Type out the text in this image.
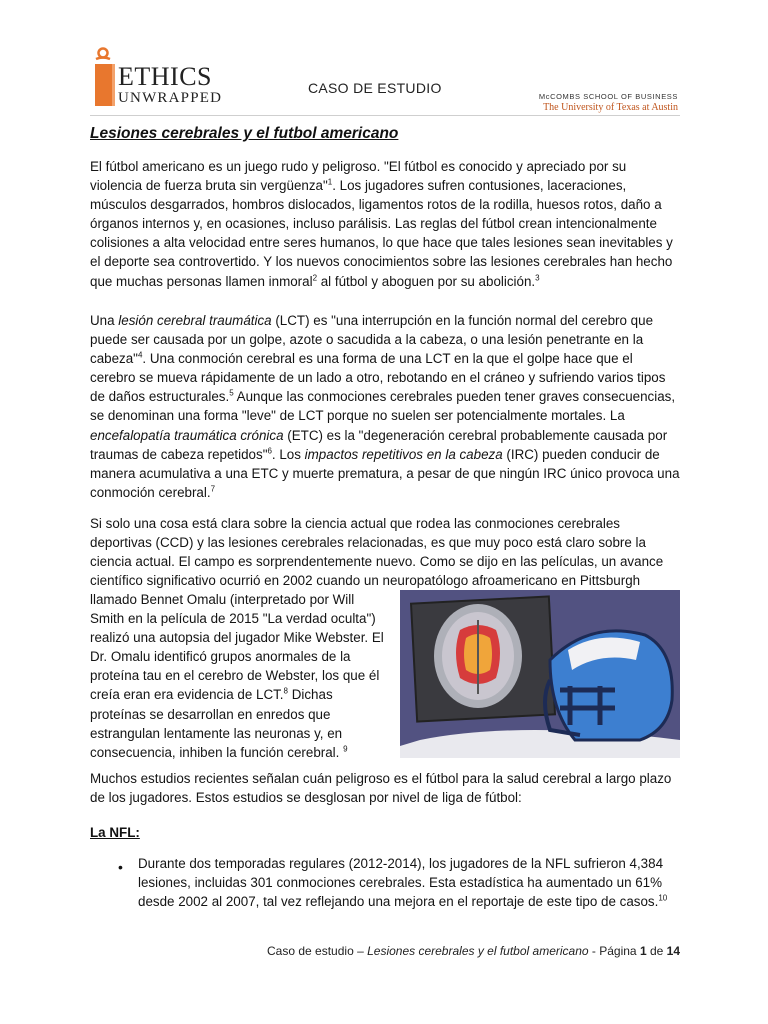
ETHICS
UNWRAPPED
CASO DE ESTUDIO
McCOMBS SCHOOL OF BUSINESS
The University of Texas at Austin
Lesiones cerebrales y el futbol americano
El fútbol americano es un juego rudo y peligroso. "El fútbol es conocido y apreciado por su violencia de fuerza bruta sin vergüenza"$^1$. Los jugadores sufren contusiones, laceraciones, músculos desgarrados, hombros dislocados, ligamentos rotos de la rodilla, huesos rotos, daño a órganos internos y, en ocasiones, incluso parálisis. Las reglas del fútbol crean intencionalmente colisiones a alta velocidad entre seres humanos, lo que hace que tales lesiones sean inevitables y el deporte sea controvertido. Y los nuevos conocimientos sobre las lesiones cerebrales han hecho que muchas personas llamen inmoral$^2$ al fútbol y aboguen por su abolición.$^3$
Una lesión cerebral traumática (LCT) es "una interrupción en la función normal del cerebro que puede ser causada por un golpe, azote o sacudida a la cabeza, o una lesión penetrante en la cabeza"$^4$. Una conmoción cerebral es una forma de una LCT en la que el golpe hace que el cerebro se mueva rápidamente de un lado a otro, rebotando en el cráneo y sufriendo varios tipos de daños estructurales.$^5$ Aunque las conmociones cerebrales pueden tener graves consecuencias, se denominan una forma "leve" de LCT porque no suelen ser potencialmente mortales. La encefalopatía traumática crónica (ETC) es la "degeneración cerebral probablemente causada por traumas de cabeza repetidos"$^6$. Los impactos repetitivos en la cabeza (IRC) pueden conducir de manera acumulativa a una ETC y muerte prematura, a pesar de que ningún IRC único provoca una conmoción cerebral.$^7$
Si solo una cosa está clara sobre la ciencia actual que rodea las conmociones cerebrales deportivas (CCD) y las lesiones cerebrales relacionadas, es que muy poco está claro sobre la ciencia actual. El campo es sorprendentemente nuevo. Como se dijo en las películas, un avance científico significativo ocurrió en 2002 cuando un neuropatólogo afroamericano en Pittsburgh
llamado Bennet Omalu (interpretado por Will Smith en la película de 2015 "La verdad oculta") realizó una autopsia del jugador Mike Webster. El Dr. Omalu identificó grupos anormales de la proteína tau en el cerebro de Webster, los que él creía eran era evidencia de LCT.$^8$ Dichas proteínas se desarrollan en enredos que estrangulan lentamente las neuronas y, en consecuencia, inhiben la función cerebral. $^9$
Muchos estudios recientes señalan cuán peligroso es el fútbol para la salud cerebral a largo plazo de los jugadores. Estos estudios se desglosan por nivel de liga de fútbol:
La NFL:
•	Durante dos temporadas regulares (2012-2014), los jugadores de la NFL sufrieron 4,384 lesiones, incluidas 301 conmociones cerebrales. Esta estadística ha aumentado un 61% desde 2002 al 2007, tal vez reflejando una mejora en el reportaje de este tipo de casos.$^{10}$
Caso de estudio – Lesiones cerebrales y el futbol americano - Página 1 de 14
